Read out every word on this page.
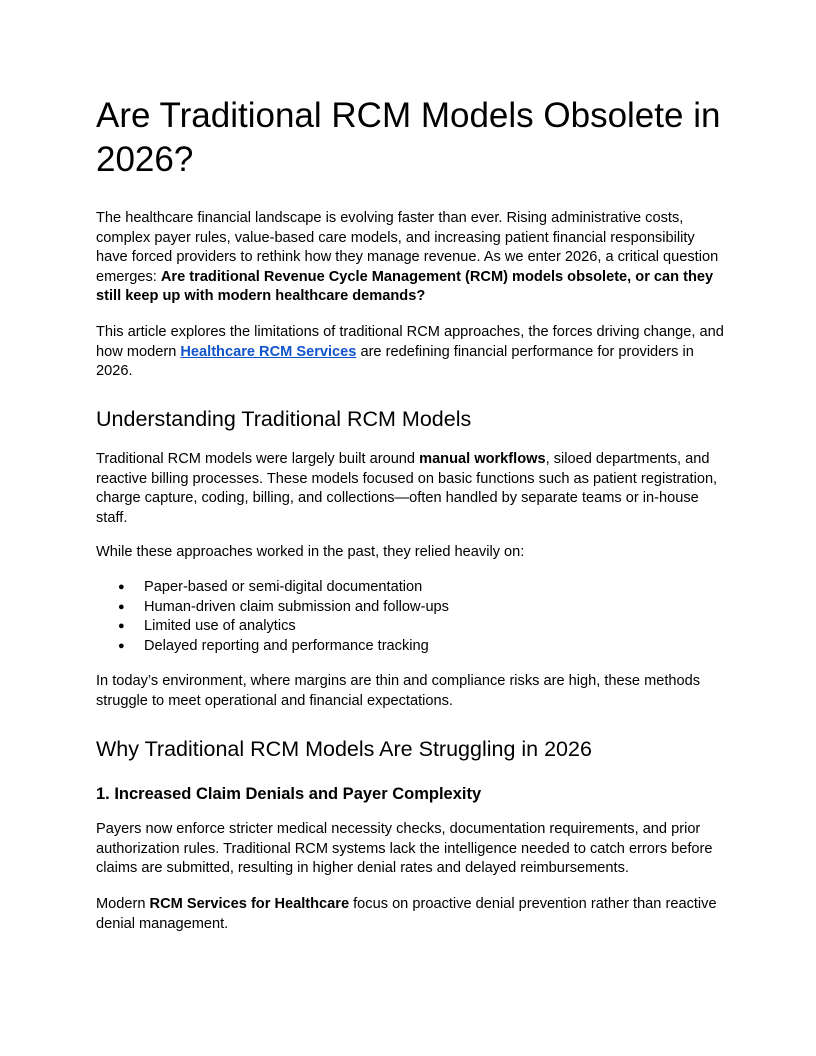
Are Traditional RCM Models Obsolete in 2026?

The healthcare financial landscape is evolving faster than ever. Rising administrative costs, complex payer rules, value-based care models, and increasing patient financial responsibility have forced providers to rethink how they manage revenue. As we enter 2026, a critical question emerges: Are traditional Revenue Cycle Management (RCM) models obsolete, or can they still keep up with modern healthcare demands?

This article explores the limitations of traditional RCM approaches, the forces driving change, and how modern Healthcare RCM Services are redefining financial performance for providers in 2026.

Understanding Traditional RCM Models

Traditional RCM models were largely built around manual workflows, siloed departments, and reactive billing processes. These models focused on basic functions such as patient registration, charge capture, coding, billing, and collections—often handled by separate teams or in-house staff.

While these approaches worked in the past, they relied heavily on:

● Paper-based or semi-digital documentation
● Human-driven claim submission and follow-ups
● Limited use of analytics
● Delayed reporting and performance tracking

In today’s environment, where margins are thin and compliance risks are high, these methods struggle to meet operational and financial expectations.

Why Traditional RCM Models Are Struggling in 2026
1. Increased Claim Denials and Payer Complexity

Payers now enforce stricter medical necessity checks, documentation requirements, and prior authorization rules. Traditional RCM systems lack the intelligence needed to catch errors before claims are submitted, resulting in higher denial rates and delayed reimbursements.

Modern RCM Services for Healthcare focus on proactive denial prevention rather than reactive denial management.
